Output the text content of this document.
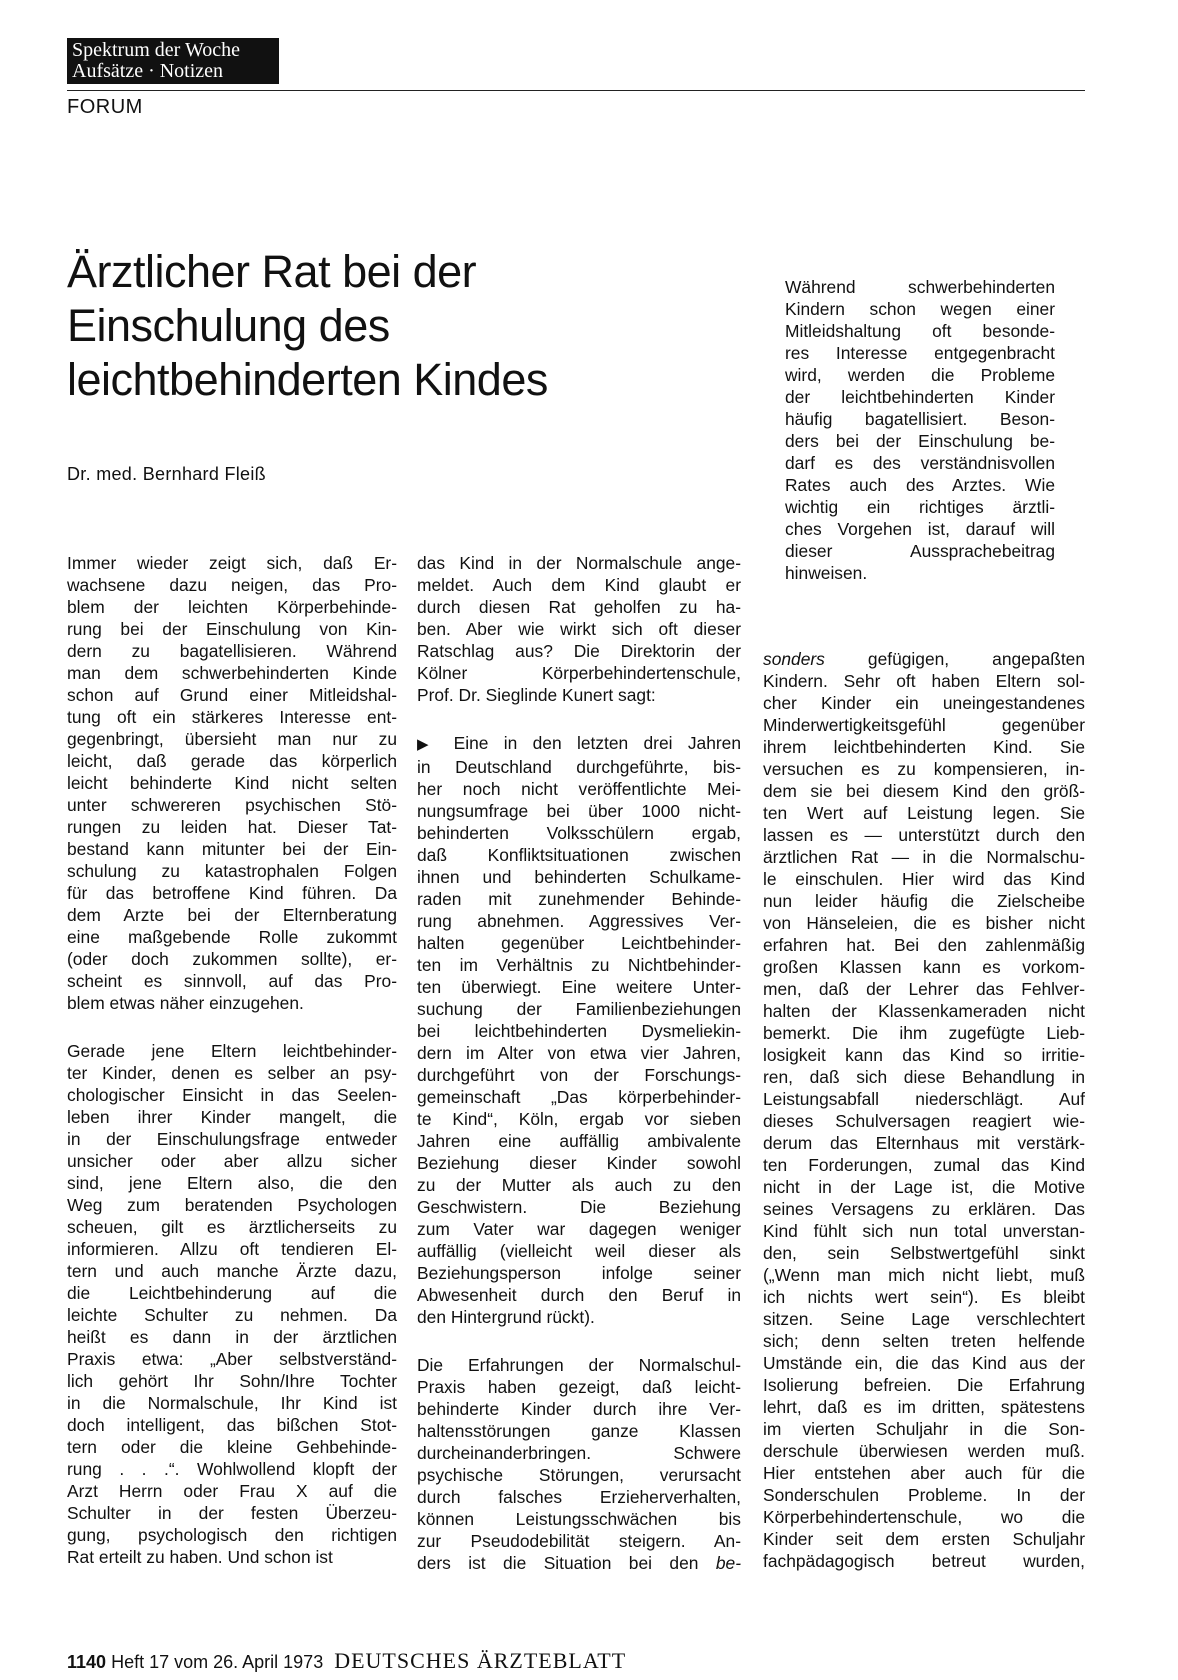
Spektrum der Woche
Aufsätze · Notizen
FORUM
Ärztlicher Rat bei der
Einschulung des
leichtbehinderten Kindes
Dr. med. Bernhard Fleiß
Während schwerbehinderten
Kindern schon wegen einer
Mitleidshaltung oft besonde-
res Interesse entgegenbracht
wird, werden die Probleme
der leichtbehinderten Kinder
häufig bagatellisiert. Beson-
ders bei der Einschulung be-
darf es des verständnisvollen
Rates auch des Arztes. Wie
wichtig ein richtiges ärztli-
ches Vorgehen ist, darauf will
dieser Aussprachebeitrag
hinweisen.
Immer wieder zeigt sich, daß Er-
wachsene dazu neigen, das Pro-
blem der leichten Körperbehinde-
rung bei der Einschulung von Kin-
dern zu bagatellisieren. Während
man dem schwerbehinderten Kinde
schon auf Grund einer Mitleidshal-
tung oft ein stärkeres Interesse ent-
gegenbringt, übersieht man nur zu
leicht, daß gerade das körperlich
leicht behinderte Kind nicht selten
unter schwereren psychischen Stö-
rungen zu leiden hat. Dieser Tat-
bestand kann mitunter bei der Ein-
schulung zu katastrophalen Folgen
für das betroffene Kind führen. Da
dem Arzte bei der Elternberatung
eine maßgebende Rolle zukommt
(oder doch zukommen sollte), er-
scheint es sinnvoll, auf das Pro-
blem etwas näher einzugehen.
Gerade jene Eltern leichtbehinder-
ter Kinder, denen es selber an psy-
chologischer Einsicht in das Seelen-
leben ihrer Kinder mangelt, die
in der Einschulungsfrage entweder
unsicher oder aber allzu sicher
sind, jene Eltern also, die den
Weg zum beratenden Psychologen
scheuen, gilt es ärztlicherseits zu
informieren. Allzu oft tendieren El-
tern und auch manche Ärzte dazu,
die Leichtbehinderung auf die
leichte Schulter zu nehmen. Da
heißt es dann in der ärztlichen
Praxis etwa: „Aber selbstverständ-
lich gehört Ihr Sohn/Ihre Tochter
in die Normalschule, Ihr Kind ist
doch intelligent, das bißchen Stot-
tern oder die kleine Gehbehinde-
rung . . .“. Wohlwollend klopft der
Arzt Herrn oder Frau X auf die
Schulter in der festen Überzeu-
gung, psychologisch den richtigen
Rat erteilt zu haben. Und schon ist
das Kind in der Normalschule ange-
meldet. Auch dem Kind glaubt er
durch diesen Rat geholfen zu ha-
ben. Aber wie wirkt sich oft dieser
Ratschlag aus? Die Direktorin der
Kölner Körperbehindertenschule,
Prof. Dr. Sieglinde Kunert sagt:
▶ Eine in den letzten drei Jahren
in Deutschland durchgeführte, bis-
her noch nicht veröffentlichte Mei-
nungsumfrage bei über 1000 nicht-
behinderten Volksschülern ergab,
daß Konfliktsituationen zwischen
ihnen und behinderten Schulkame-
raden mit zunehmender Behinde-
rung abnehmen. Aggressives Ver-
halten gegenüber Leichtbehinder-
ten im Verhältnis zu Nichtbehinder-
ten überwiegt. Eine weitere Unter-
suchung der Familienbeziehungen
bei leichtbehinderten Dysmeliekin-
dern im Alter von etwa vier Jahren,
durchgeführt von der Forschungs-
gemeinschaft „Das körperbehinder-
te Kind“, Köln, ergab vor sieben
Jahren eine auffällig ambivalente
Beziehung dieser Kinder sowohl
zu der Mutter als auch zu den
Geschwistern. Die Beziehung
zum Vater war dagegen weniger
auffällig (vielleicht weil dieser als
Beziehungsperson infolge seiner
Abwesenheit durch den Beruf in
den Hintergrund rückt).
Die Erfahrungen der Normalschul-
Praxis haben gezeigt, daß leicht-
behinderte Kinder durch ihre Ver-
haltensstörungen ganze Klassen
durcheinanderbringen. Schwere
psychische Störungen, verursacht
durch falsches Erzieherverhalten,
können Leistungsschwächen bis
zur Pseudodebilität steigern. An-
ders ist die Situation bei den be-
sonders gefügigen, angepaßten
Kindern. Sehr oft haben Eltern sol-
cher Kinder ein uneingestandenes
Minderwertigkeitsgefühl gegenüber
ihrem leichtbehinderten Kind. Sie
versuchen es zu kompensieren, in-
dem sie bei diesem Kind den größ-
ten Wert auf Leistung legen. Sie
lassen es — unterstützt durch den
ärztlichen Rat — in die Normalschu-
le einschulen. Hier wird das Kind
nun leider häufig die Zielscheibe
von Hänseleien, die es bisher nicht
erfahren hat. Bei den zahlenmäßig
großen Klassen kann es vorkom-
men, daß der Lehrer das Fehlver-
halten der Klassenkameraden nicht
bemerkt. Die ihm zugefügte Lieb-
losigkeit kann das Kind so irritie-
ren, daß sich diese Behandlung in
Leistungsabfall niederschlägt. Auf
dieses Schulversagen reagiert wie-
derum das Elternhaus mit verstärk-
ten Forderungen, zumal das Kind
nicht in der Lage ist, die Motive
seines Versagens zu erklären. Das
Kind fühlt sich nun total unverstan-
den, sein Selbstwertgefühl sinkt
(„Wenn man mich nicht liebt, muß
ich nichts wert sein“). Es bleibt
sitzen. Seine Lage verschlechtert
sich; denn selten treten helfende
Umstände ein, die das Kind aus der
Isolierung befreien. Die Erfahrung
lehrt, daß es im dritten, spätestens
im vierten Schuljahr in die Son-
derschule überwiesen werden muß.
Hier entstehen aber auch für die
Sonderschulen Probleme. In der
Körperbehindertenschule, wo die
Kinder seit dem ersten Schuljahr
fachpädagogisch betreut wurden,
1140 Heft 17 vom 26. April 1973 DEUTSCHES ÄRZTEBLATT
